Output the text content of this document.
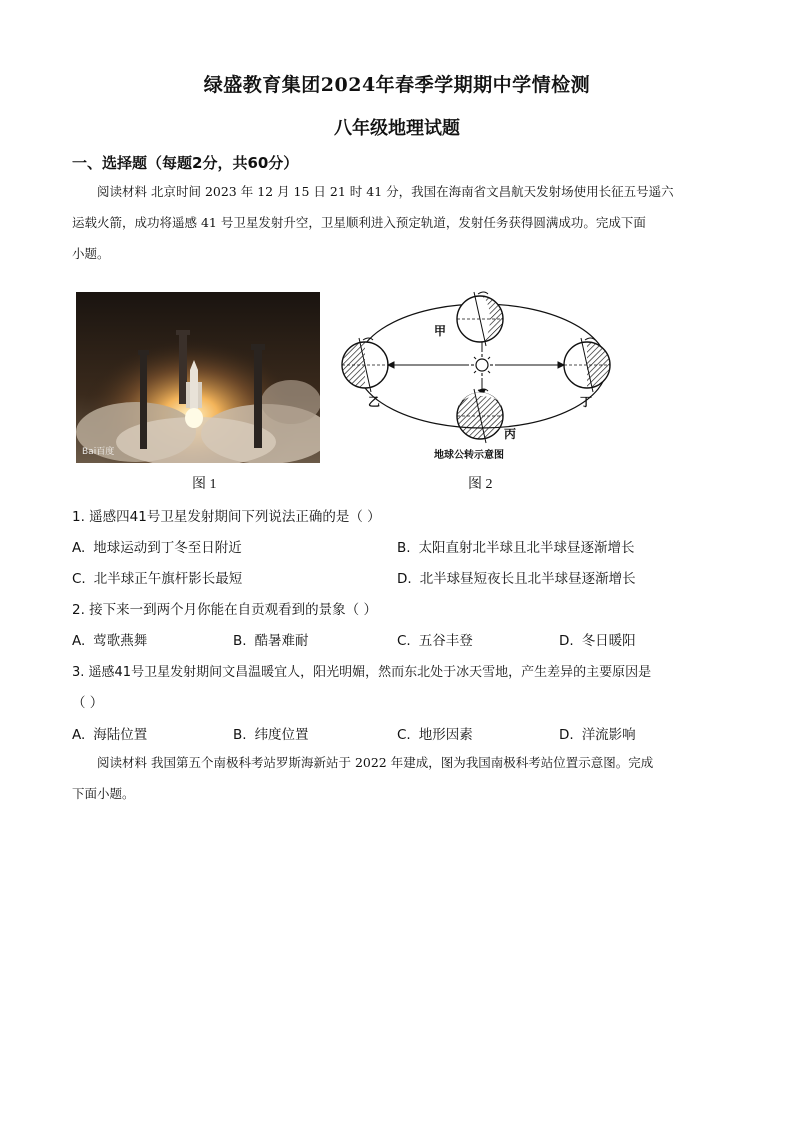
绿盛教育集团2024年春季学期期中学情检测
八年级地理试题
一、选择题（每题2分，共60分）
阅读材料 北京时间 2023 年 12 月 15 日 21 时 41 分，我国在海南省文昌航天发射场使用长征五号遥六
运载火箭，成功将遥感 41 号卫星发射升空，卫星顺利进入预定轨道，发射任务获得圆满成功。完成下面
小题。
Bai百度
图 1
甲
乙
丙
丁
地球公转示意图
图 2
1. 遥感四41号卫星发射期间下列说法正确的是（ ）
A. 地球运动到丁冬至日附近	B. 太阳直射北半球且北半球昼逐渐增长
C. 北半球正午旗杆影长最短	D. 北半球昼短夜长且北半球昼逐渐增长
2. 接下来一到两个月你能在自贡观看到的景象（ ）
A. 莺歌燕舞	B. 酷暑难耐	C. 五谷丰登	D. 冬日暖阳
3. 遥感41号卫星发射期间文昌温暖宜人，阳光明媚，然而东北处于冰天雪地，产生差异的主要原因是
（ ）
A. 海陆位置	B. 纬度位置	C. 地形因素	D. 洋流影响
阅读材料 我国第五个南极科考站罗斯海新站于 2022 年建成，图为我国南极科考站位置示意图。完成
下面小题。
